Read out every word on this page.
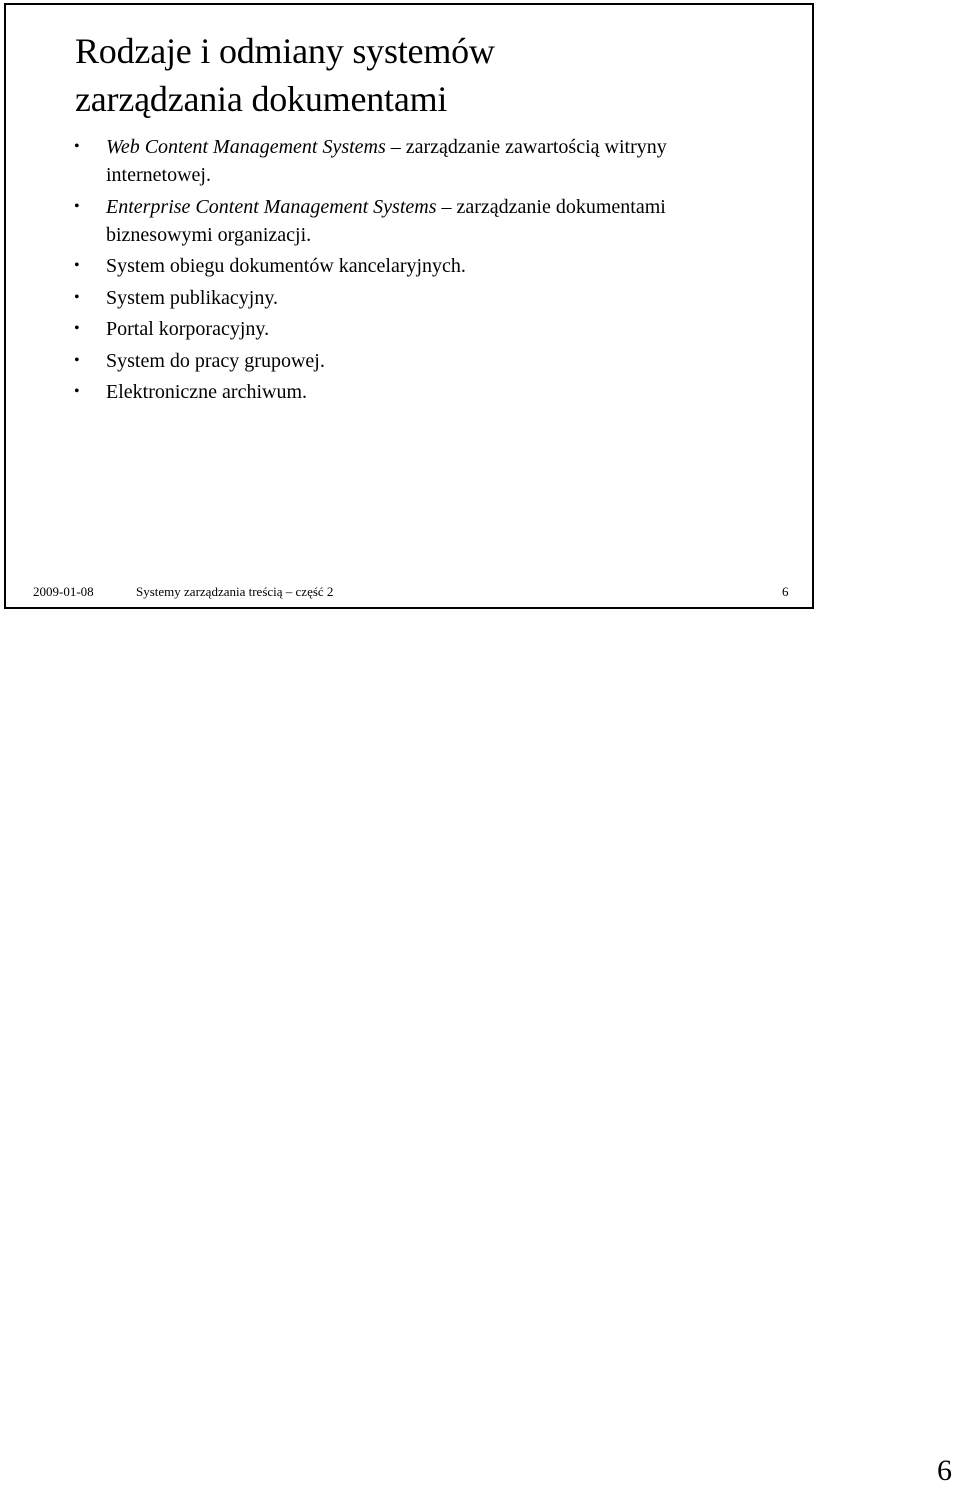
Rodzaje i odmiany systemów
zarządzania dokumentami
• Web Content Management Systems – zarządzanie zawartością witryny internetowej.
• Enterprise Content Management Systems – zarządzanie dokumentami biznesowymi organizacji.
• System obiegu dokumentów kancelaryjnych.
• System publikacyjny.
• Portal korporacyjny.
• System do pracy grupowej.
• Elektroniczne archiwum.
2009-01-08	Systemy zarządzania treścią – część 2	6
6
